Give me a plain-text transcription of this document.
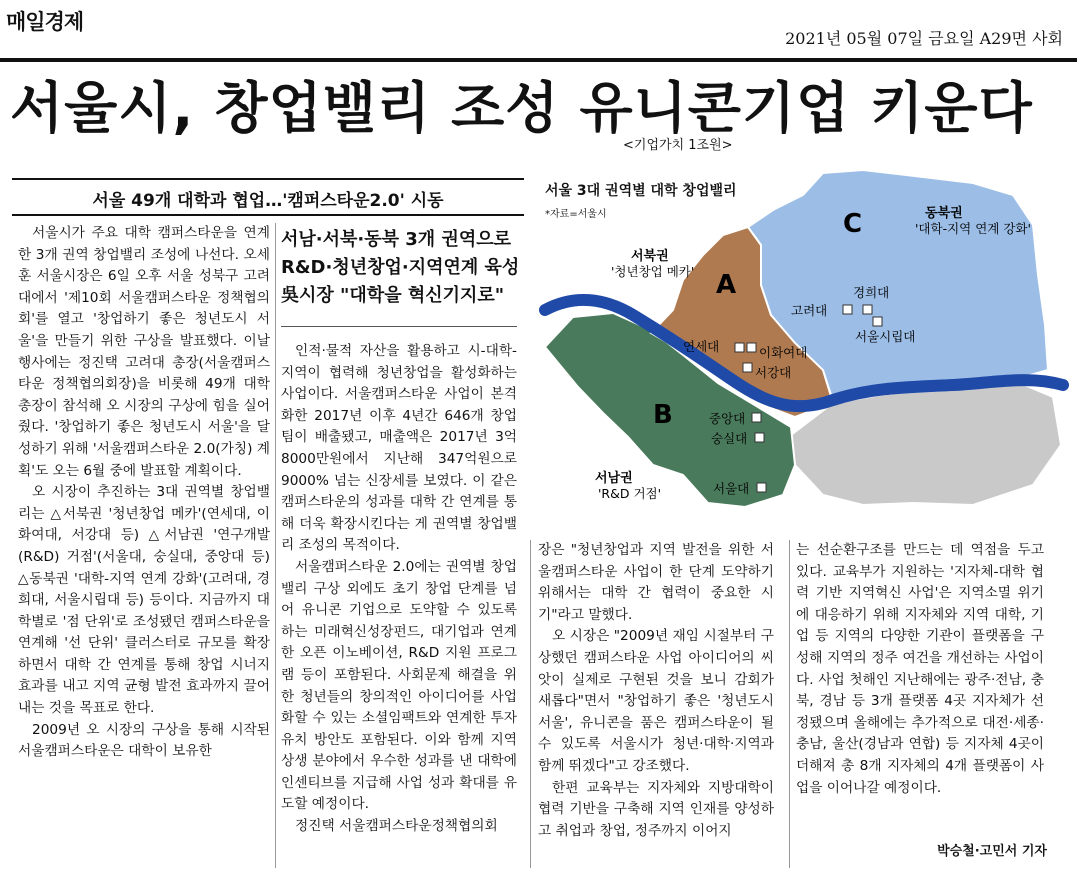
매일경제
2021년 05월 07일 금요일 A29면 사회
서울시, 창업밸리 조성 유니콘기업 키운다
<기업가치 1조원>
서울 49개 대학과 협업…'캠퍼스타운2.0' 시동

서울시가 주요 대학 캠퍼스타운을 연계한 3개 권역 창업밸리 조성에 나선다. 오세훈 서울시장은 6일 오후 서울 성북구 고려대에서 '제10회 서울캠퍼스타운 정책협의회'를 열고 '창업하기 좋은 청년도시 서울'을 만들기 위한 구상을 발표했다. 이날 행사에는 정진택 고려대 총장(서울캠퍼스타운 정책협의회장)을 비롯해 49개 대학 총장이 참석해 오 시장의 구상에 힘을 실어줬다. '창업하기 좋은 청년도시 서울'을 달성하기 위해 '서울캠퍼스타운 2.0(가칭) 계획'도 오는 6월 중에 발표할 계획이다.

오 시장이 추진하는 3대 권역별 창업밸리는 △서북권 '청년창업 메카'(연세대, 이화여대, 서강대 등) △서남권 '연구개발(R&D) 거점'(서울대, 숭실대, 중앙대 등) △동북권 '대학-지역 연계 강화'(고려대, 경희대, 서울시립대 등) 등이다. 지금까지 대학별로 '점 단위'로 조성됐던 캠퍼스타운을 연계해 '선 단위' 클러스터로 규모를 확장하면서 대학 간 연계를 통해 창업 시너지 효과를 내고 지역 균형 발전 효과까지 끌어내는 것을 목표로 한다.

2009년 오 시장의 구상을 통해 시작된 서울캠퍼스타운은 대학이 보유한

서남·서북·동북 3개 권역으로
R&D·청년창업·지역연계 육성
吳시장 "대학을 혁신기지로"

인적·물적 자산을 활용하고 시-대학-지역이 협력해 청년창업을 활성화하는 사업이다. 서울캠퍼스타운 사업이 본격화한 2017년 이후 4년간 646개 창업팀이 배출됐고, 매출액은 2017년 3억8000만원에서 지난해 347억원으로 9000% 넘는 신장세를 보였다. 이 같은 캠퍼스타운의 성과를 대학 간 연계를 통해 더욱 확장시킨다는 게 권역별 창업밸리 조성의 목적이다.

서울캠퍼스타운 2.0에는 권역별 창업밸리 구상 외에도 초기 창업 단계를 넘어 유니콘 기업으로 도약할 수 있도록 하는 미래혁신성장펀드, 대기업과 연계한 오픈 이노베이션, R&D 지원 프로그램 등이 포함된다. 사회문제 해결을 위한 청년들의 창의적인 아이디어를 사업화할 수 있는 소셜임팩트와 연계한 투자 유치 방안도 포함된다. 이와 함께 지역 상생 분야에서 우수한 성과를 낸 대학에 인센티브를 지급해 사업 성과 확대를 유도할 예정이다.

정진택 서울캠퍼스타운정책협의회

장은 "청년창업과 지역 발전을 위한 서울캠퍼스타운 사업이 한 단계 도약하기 위해서는 대학 간 협력이 중요한 시기"라고 말했다.

오 시장은 "2009년 재임 시절부터 구상했던 캠퍼스타운 사업 아이디어의 씨앗이 실제로 구현된 것을 보니 감회가 새롭다"면서 "창업하기 좋은 '청년도시 서울', 유니콘을 품은 캠퍼스타운이 될 수 있도록 서울시가 청년·대학·지역과 함께 뛰겠다"고 강조했다.

한편 교육부는 지자체와 지방대학이 협력 기반을 구축해 지역 인재를 양성하고 취업과 창업, 정주까지 이어지

는 선순환구조를 만드는 데 역점을 두고 있다. 교육부가 지원하는 '지자체-대학 협력 기반 지역혁신 사업'은 지역소멸 위기에 대응하기 위해 지자체와 지역 대학, 기업 등 지역의 다양한 기관이 플랫폼을 구성해 지역의 정주 여건을 개선하는 사업이다. 사업 첫해인 지난해에는 광주·전남, 충북, 경남 등 3개 플랫폼 4곳 지자체가 선정됐으며 올해에는 추가적으로 대전·세종·충남, 울산(경남과 연합) 등 지자체 4곳이 더해져 총 8개 지자체의 4개 플랫폼이 사업을 이어나갈 예정이다.

박승철·고민서 기자
A
B
C
연세대	이화여대
서강대
중앙대
숭실대
서울대
고려대
경희대
서울시립대
서북권
'청년창업 메카'
서남권
'R&D 거점'
동북권
'대학-지역 연계 강화'
서울 3대 권역별 대학 창업밸리
*자료=서울시
